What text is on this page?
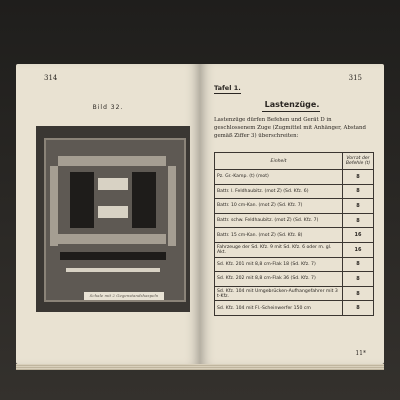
314
Bild 32.
Schale mit 2 Gegenstandshaspeln
315
Tafel 1.
Lastenzüge.
Lastenzüge dürfen Befehen und Gerät D in geschlossenem Zuge (Zugmittel mit Anhänger, Abstand gemäß Ziffer 3) überschreiten:
Einheit	Vorrat der Befehle (t)
Pz. Gr.-Kamp. (t) (mot)	8
Battr. l. Feldhaubitz. (mot Z) (Sd. Kfz. 6)	8
Battr. 10 cm-Kan. (mot Z) (Sd. Kfz. 7)	8
Battr. schw. Feldhaubitz. (mot Z) (Sd. Kfz. 7)	8
Battr. 15 cm-Kan. (mot Z) (Sd. Kfz. 8)	16
Fahrzeuge der Sd. Kfz. 9 mit Sd. Kfz. 6 oder m. gl. Akt.	16
Sd. Kfz. 201 mit 8,8 cm-Flak 18 (Sd. Kfz. 7)	8
Sd. Kfz. 202 mit 8,8 cm-Flak 36 (Sd. Kfz. 7)	8
Sd. Kfz. 104 mit Umgebrücken-Aufhangefahrer mit 3 t-Kfz.	8
Sd. Kfz. 104 mit Fl.-Scheinwerfer 150 cm	8
11*
